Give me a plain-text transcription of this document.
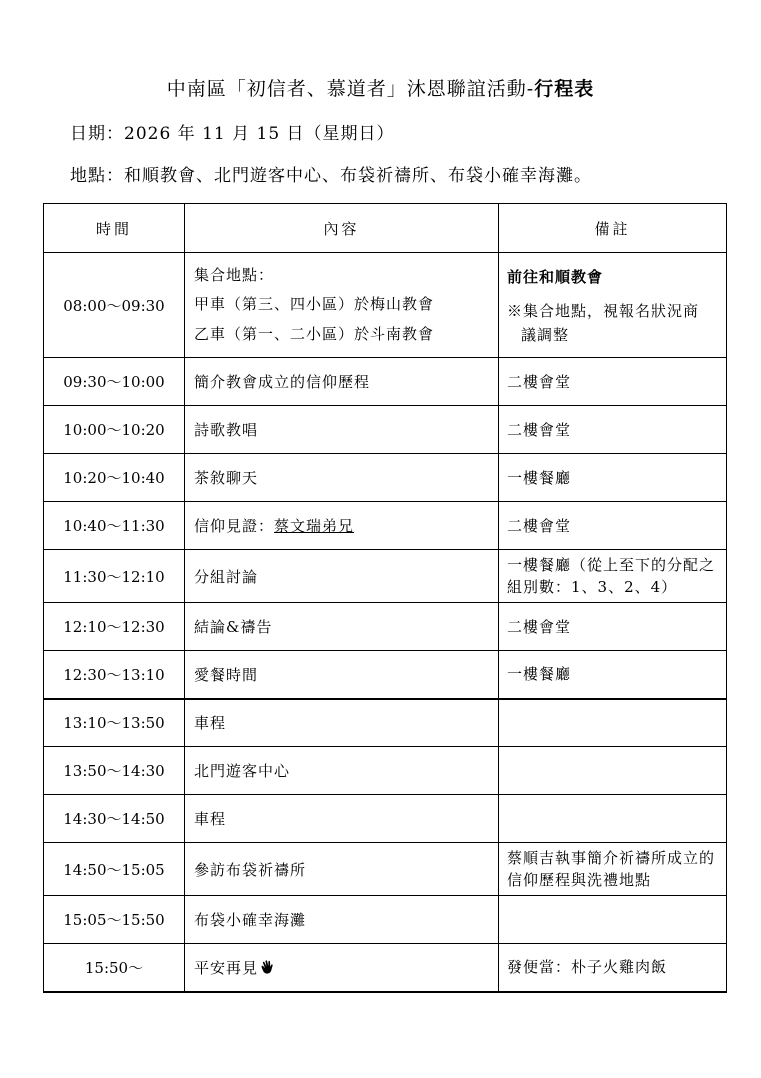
中南區「初信者、慕道者」沐恩聯誼活動-行程表
日期：2026 年 11 月 15 日（星期日）
地點：和順教會、北門遊客中心、布袋祈禱所、布袋小確幸海灘。
時間	內容	備註
08:00～09:30	集合地點：
甲車（第三、四小區）於梅山教會
乙車（第一、二小區）於斗南教會	前往和順教會
※集合地點，視報名狀況商
議調整

09:30～10:00	簡介教會成立的信仰歷程	二樓會堂
10:00～10:20	詩歌教唱	二樓會堂
10:20～10:40	茶敘聊天	一樓餐廳
10:40～11:30	信仰見證：蔡文瑞弟兄	二樓會堂
11:30～12:10	分組討論	一樓餐廳（從上至下的分配之組別數：1、3、2、4）
12:10～12:30	結論&禱告	二樓會堂
12:30～13:10	愛餐時間	一樓餐廳
13:10～13:50	車程	
13:50～14:30	北門遊客中心	
14:30～14:50	車程	
14:50～15:05	參訪布袋祈禱所	蔡順吉執事簡介祈禱所成立的信仰歷程與洗禮地點
15:05～15:50	布袋小確幸海灘	
15:50～	平安再見	發便當：朴子火雞肉飯
